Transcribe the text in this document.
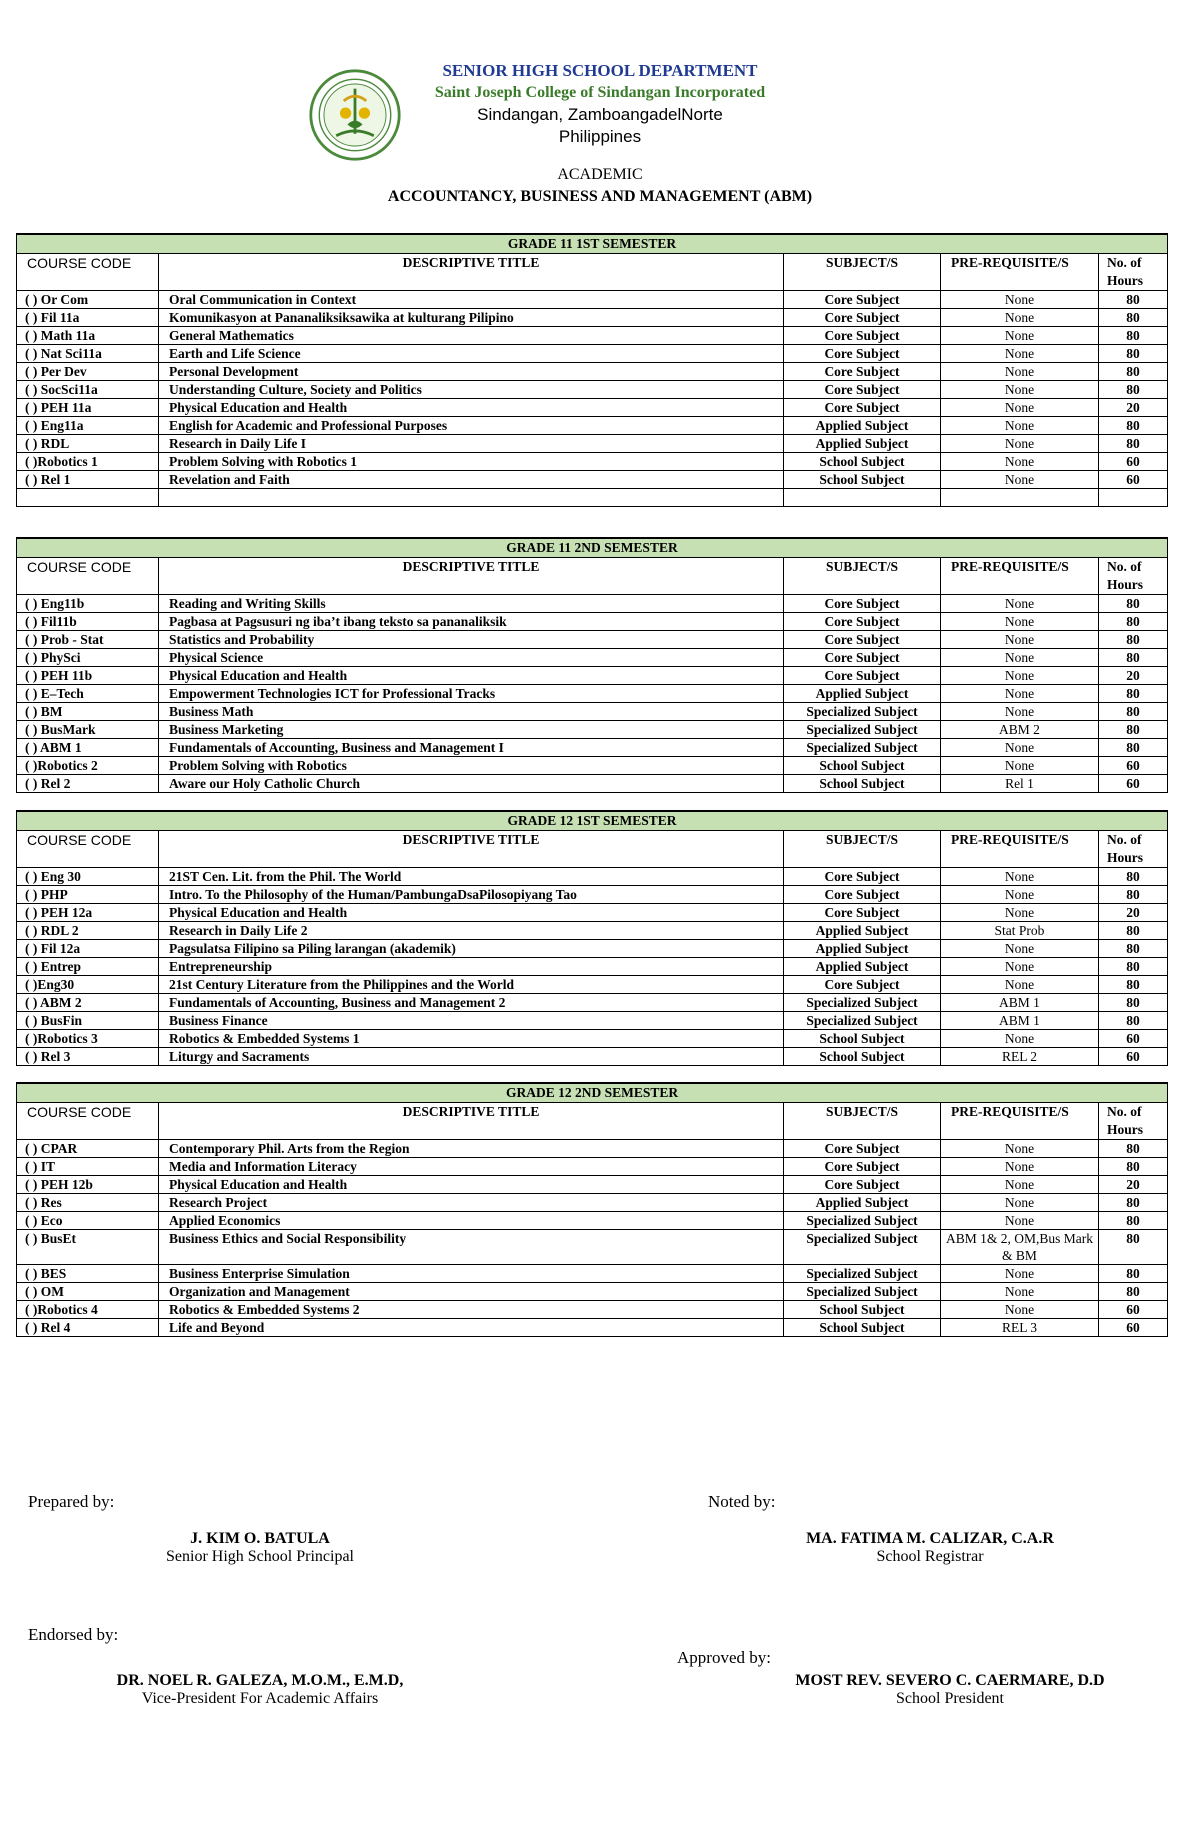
SENIOR HIGH SCHOOL DEPARTMENT
Saint Joseph College of Sindangan Incorporated
Sindangan, ZamboangadelNorte
Philippines
ACADEMIC
ACCOUNTANCY, BUSINESS AND MANAGEMENT (ABM)
GRADE 11 1ST SEMESTER				
COURSE CODE	DESCRIPTIVE TITLE	SUBJECT/S	PRE-REQUISITE/S	No. of Hours
( ) Or Com	Oral Communication in Context	Core Subject	None	80
( ) Fil 11a	Komunikasyon at Pananaliksiksawika at kulturang Pilipino	Core Subject	None	80
( ) Math 11a	General Mathematics	Core Subject	None	80
( ) Nat Sci11a	Earth and Life Science	Core Subject	None	80
( ) Per Dev	Personal Development	Core Subject	None	80
( ) SocSci11a	Understanding Culture, Society and Politics	Core Subject	None	80
( ) PEH 11a	Physical Education and Health	Core Subject	None	20
( ) Eng11a	English for Academic and Professional Purposes	Applied Subject	None	80
( ) RDL	Research in Daily Life I	Applied Subject	None	80
( )Robotics 1	Problem Solving with Robotics 1	School Subject	None	60
( ) Rel 1	Revelation and Faith	School Subject	None	60

GRADE 11 2ND SEMESTER				
COURSE CODE	DESCRIPTIVE TITLE	SUBJECT/S	PRE-REQUISITE/S	No. of Hours
( ) Eng11b	Reading and Writing Skills	Core Subject	None	80
( ) Fil11b	Pagbasa at Pagsusuri ng iba’t ibang teksto sa pananaliksik	Core Subject	None	80
( ) Prob - Stat	Statistics and Probability	Core Subject	None	80
( ) PhySci	Physical Science	Core Subject	None	80
( ) PEH 11b	Physical Education and Health	Core Subject	None	20
( ) E–Tech	Empowerment Technologies ICT for Professional Tracks	Applied Subject	None	80
( ) BM	Business Math	Specialized Subject	None	80
( ) BusMark	Business Marketing	Specialized Subject	ABM 2	80
( ) ABM 1	Fundamentals of Accounting, Business and Management I	Specialized Subject	None	80
( )Robotics 2	Problem Solving with Robotics	School Subject	None	60
( ) Rel 2	Aware our Holy Catholic Church	School Subject	Rel 1	60
GRADE 12 1ST SEMESTER				
COURSE CODE	DESCRIPTIVE TITLE	SUBJECT/S	PRE-REQUISITE/S	No. of Hours
( ) Eng 30	21ST Cen. Lit. from the Phil. The World	Core Subject	None	80
( ) PHP	Intro. To the Philosophy of the Human/PambungaDsaPilosopiyang Tao	Core Subject	None	80
( ) PEH 12a	Physical Education and Health	Core Subject	None	20
( ) RDL 2	Research in Daily Life 2	Applied Subject	Stat Prob	80
( ) Fil 12a	Pagsulatsa Filipino sa Piling larangan (akademik)	Applied Subject	None	80
( ) Entrep	Entrepreneurship	Applied Subject	None	80
( )Eng30	21st Century Literature from the Philippines and the World	Core Subject	None	80
( ) ABM 2	Fundamentals of Accounting, Business and Management 2	Specialized Subject	ABM 1	80
( ) BusFin	Business Finance	Specialized Subject	ABM 1	80
( )Robotics 3	Robotics & Embedded Systems 1	School Subject	None	60
( ) Rel 3	Liturgy and Sacraments	School Subject	REL 2	60
GRADE 12 2ND SEMESTER				
COURSE CODE	DESCRIPTIVE TITLE	SUBJECT/S	PRE-REQUISITE/S	No. of Hours
( ) CPAR	Contemporary Phil. Arts from the Region	Core Subject	None	80
( ) IT	Media and Information Literacy	Core Subject	None	80
( ) PEH 12b	Physical Education and Health	Core Subject	None	20
( ) Res	Research Project	Applied Subject	None	80
( ) Eco	Applied Economics	Specialized Subject	None	80
( ) BusEt	Business Ethics and Social Responsibility	Specialized Subject	ABM 1& 2, OM,Bus Mark & BM	80
( ) BES	Business Enterprise Simulation	Specialized Subject	None	80
( ) OM	Organization and Management	Specialized Subject	None	80
( )Robotics 4	Robotics & Embedded Systems 2	School Subject	None	60
( ) Rel 4	Life and Beyond	School Subject	REL 3	60
Prepared by:
J. KIM O. BATULA
Senior High School Principal
Noted by:
MA. FATIMA M. CALIZAR, C.A.R
School Registrar
Endorsed by:
DR. NOEL R. GALEZA, M.O.M., E.M.D,
Vice-President For Academic Affairs
Approved by:
MOST REV. SEVERO C. CAERMARE, D.D
School President
